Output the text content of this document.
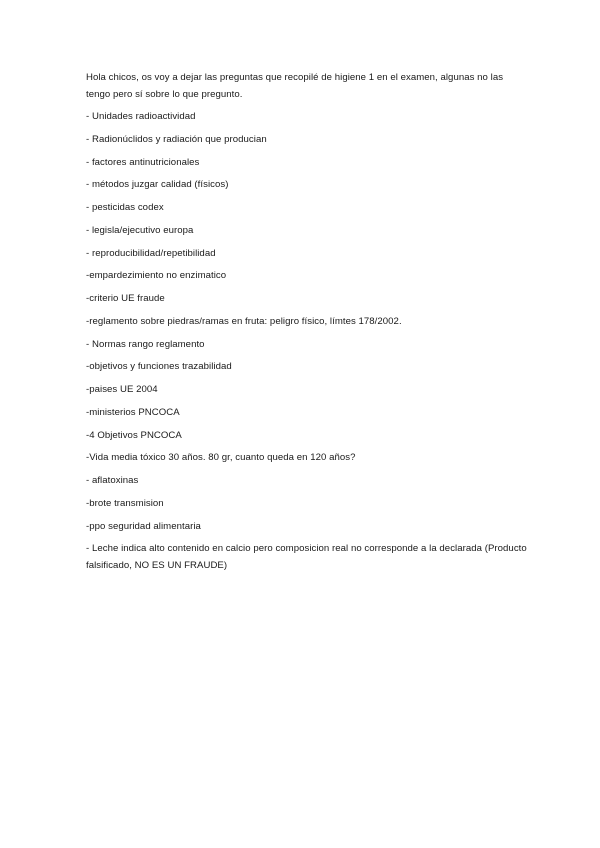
Hola chicos, os voy a dejar las preguntas que recopilé de higiene 1 en el examen, algunas no las tengo pero sí sobre lo que pregunto.

- Unidades radioactividad
- Radionúclidos y radiación que producian
- factores antinutricionales
- métodos juzgar calidad (físicos)
- pesticidas codex
- legisla/ejecutivo europa
- reproducibilidad/repetibilidad
-empardezimiento no enzimatico
-criterio UE fraude
-reglamento sobre piedras/ramas en fruta: peligro físico, límtes 178/2002.
- Normas rango reglamento
-objetivos y funciones trazabilidad
-paises UE 2004
-ministerios PNCOCA
-4 Objetivos PNCOCA
-Vida media tóxico 30 años. 80 gr, cuanto queda en 120 años?
- aflatoxinas
-brote transmision
-ppo seguridad alimentaria
- Leche indica alto contenido en calcio pero composicion real no corresponde a la declarada (Producto falsificado, NO ES UN FRAUDE)
